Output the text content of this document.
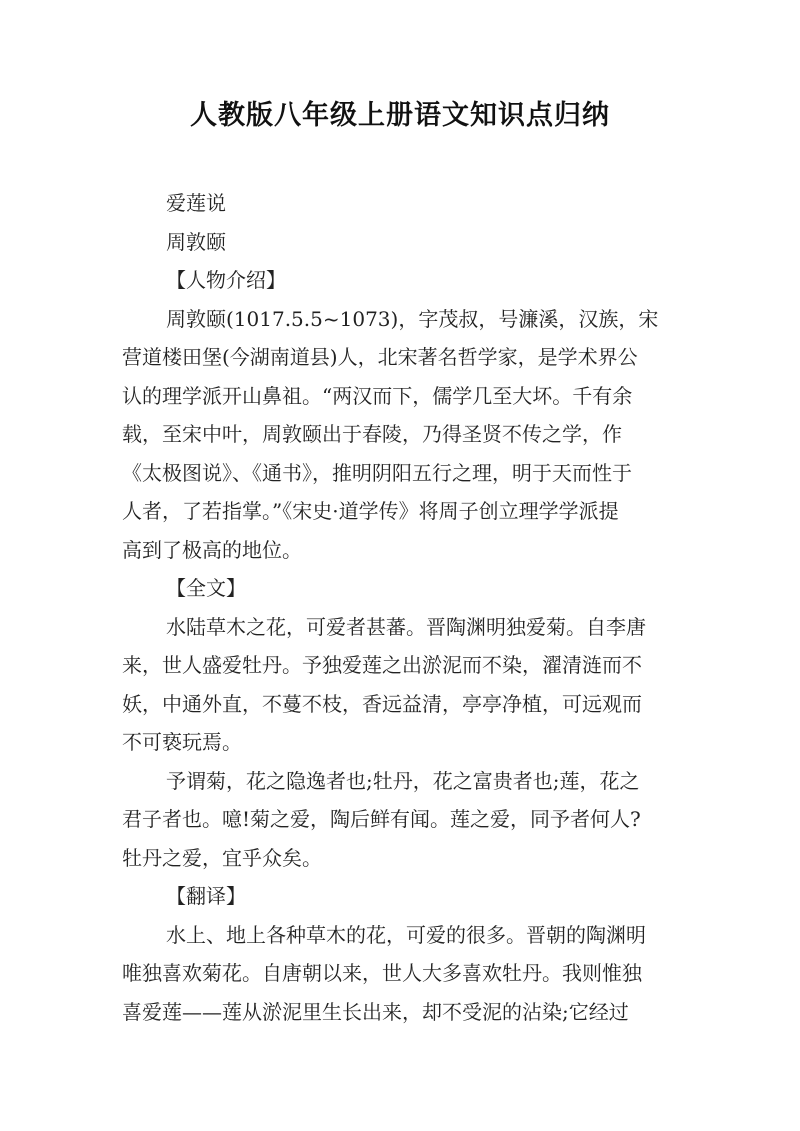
人教版八年级上册语文知识点归纳
爱莲说
周敦颐
【人物介绍】
周敦颐(1017.5.5~1073)，字茂叔，号濂溪，汉族，宋
营道楼田堡(今湖南道县)人，北宋著名哲学家，是学术界公
认的理学派开山鼻祖。“两汉而下，儒学几至大坏。千有余
载，至宋中叶，周敦颐出于春陵，乃得圣贤不传之学，作
《太极图说》、《通书》，推明阴阳五行之理，明于天而性于
人者，了若指掌。”《宋史·道学传》将周子创立理学学派提
高到了极高的地位。
【全文】
水陆草木之花，可爱者甚蕃。晋陶渊明独爱菊。自李唐
来，世人盛爱牡丹。予独爱莲之出淤泥而不染，濯清涟而不
妖，中通外直，不蔓不枝，香远益清，亭亭净植，可远观而
不可亵玩焉。
予谓菊，花之隐逸者也;牡丹，花之富贵者也;莲，花之
君子者也。噫!菊之爱，陶后鲜有闻。莲之爱，同予者何人?
牡丹之爱，宜乎众矣。
【翻译】
水上、地上各种草木的花，可爱的很多。晋朝的陶渊明
唯独喜欢菊花。自唐朝以来，世人大多喜欢牡丹。我则惟独
喜爱莲——莲从淤泥里生长出来，却不受泥的沾染;它经过
